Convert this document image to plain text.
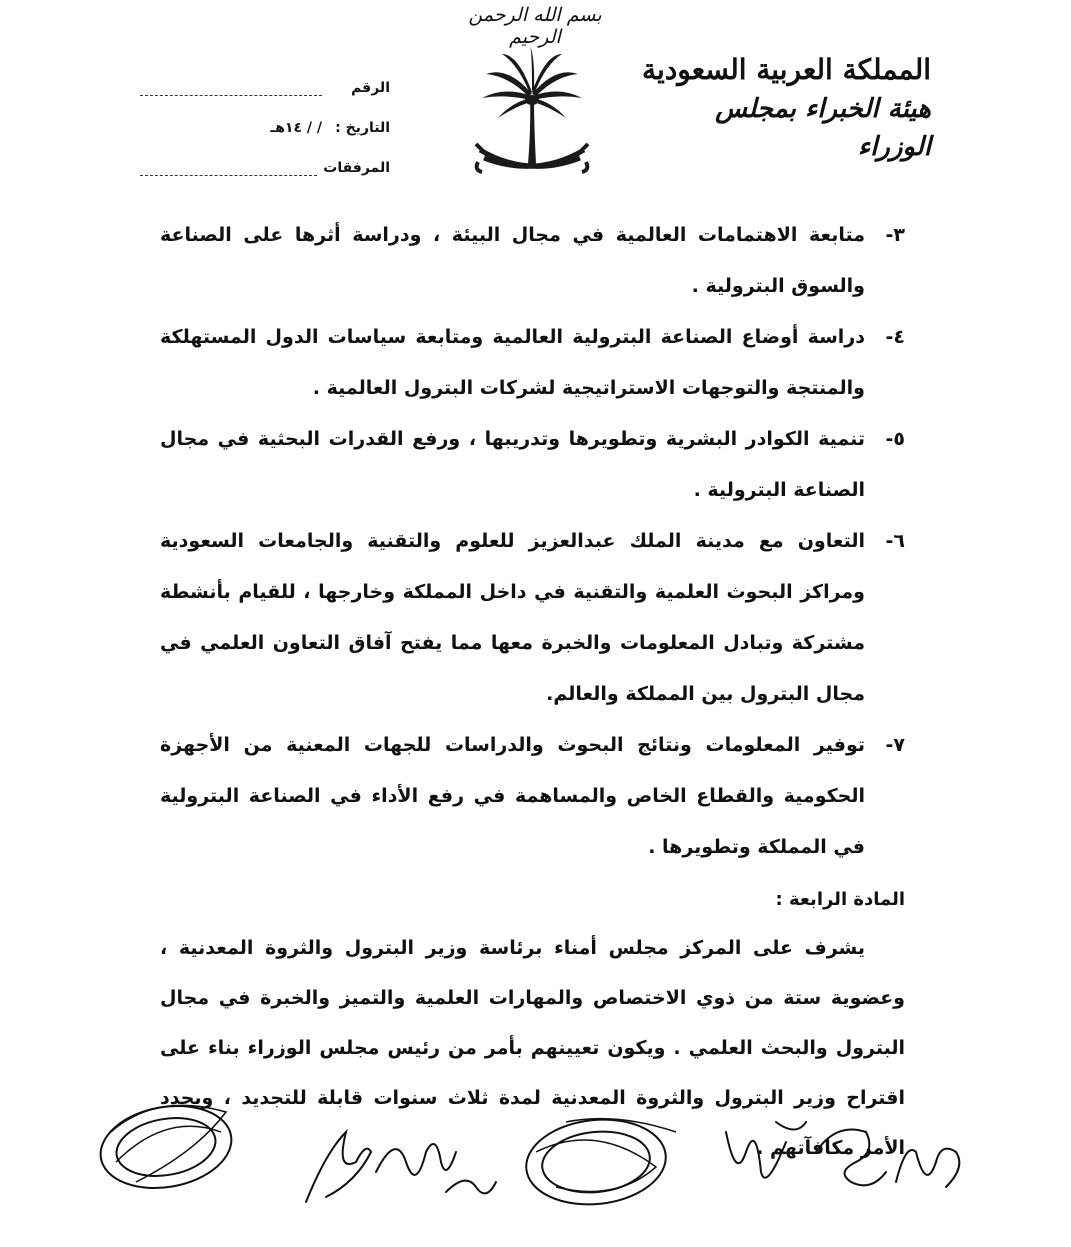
بسم الله الرحمن الرحيم
المملكة العربية السعودية
هيئة الخبراء بمجلس الوزراء
الرقم
التاريخ :
/ / ١٤هـ
المرفقات
٣-
متابعة الاهتمامات العالمية في مجال البيئة ، ودراسة أثرها على الصناعة والسوق البترولية .
٤-
دراسة أوضاع الصناعة البترولية العالمية ومتابعة سياسات الدول المستهلكة والمنتجة والتوجهات الاستراتيجية لشركات البترول العالمية .
٥-
تنمية الكوادر البشرية وتطويرها وتدريبها ، ورفع القدرات البحثية في مجال الصناعة البترولية .
٦-
التعاون مع مدينة الملك عبدالعزيز للعلوم والتقنية والجامعات السعودية ومراكز البحوث العلمية والتقنية في داخل المملكة وخارجها ، للقيام بأنشطة مشتركة وتبادل المعلومات والخبرة معها مما يفتح آفاق التعاون العلمي في مجال البترول بين المملكة والعالم.
٧-
توفير المعلومات ونتائج البحوث والدراسات للجهات المعنية من الأجهزة الحكومية والقطاع الخاص والمساهمة في رفع الأداء في الصناعة البترولية في المملكة وتطويرها .
المادة الرابعة :
يشرف على المركز مجلس أمناء برئاسة وزير البترول والثروة المعدنية ، وعضوية ستة من ذوي الاختصاص والمهارات العلمية والتميز والخبرة في مجال البترول والبحث العلمي . ويكون تعيينهم بأمر من رئيس مجلس الوزراء بناء على اقتراح وزير البترول والثروة المعدنية لمدة ثلاث سنوات قابلة للتجديد ، ويحدد الأمر مكافآتهم .
